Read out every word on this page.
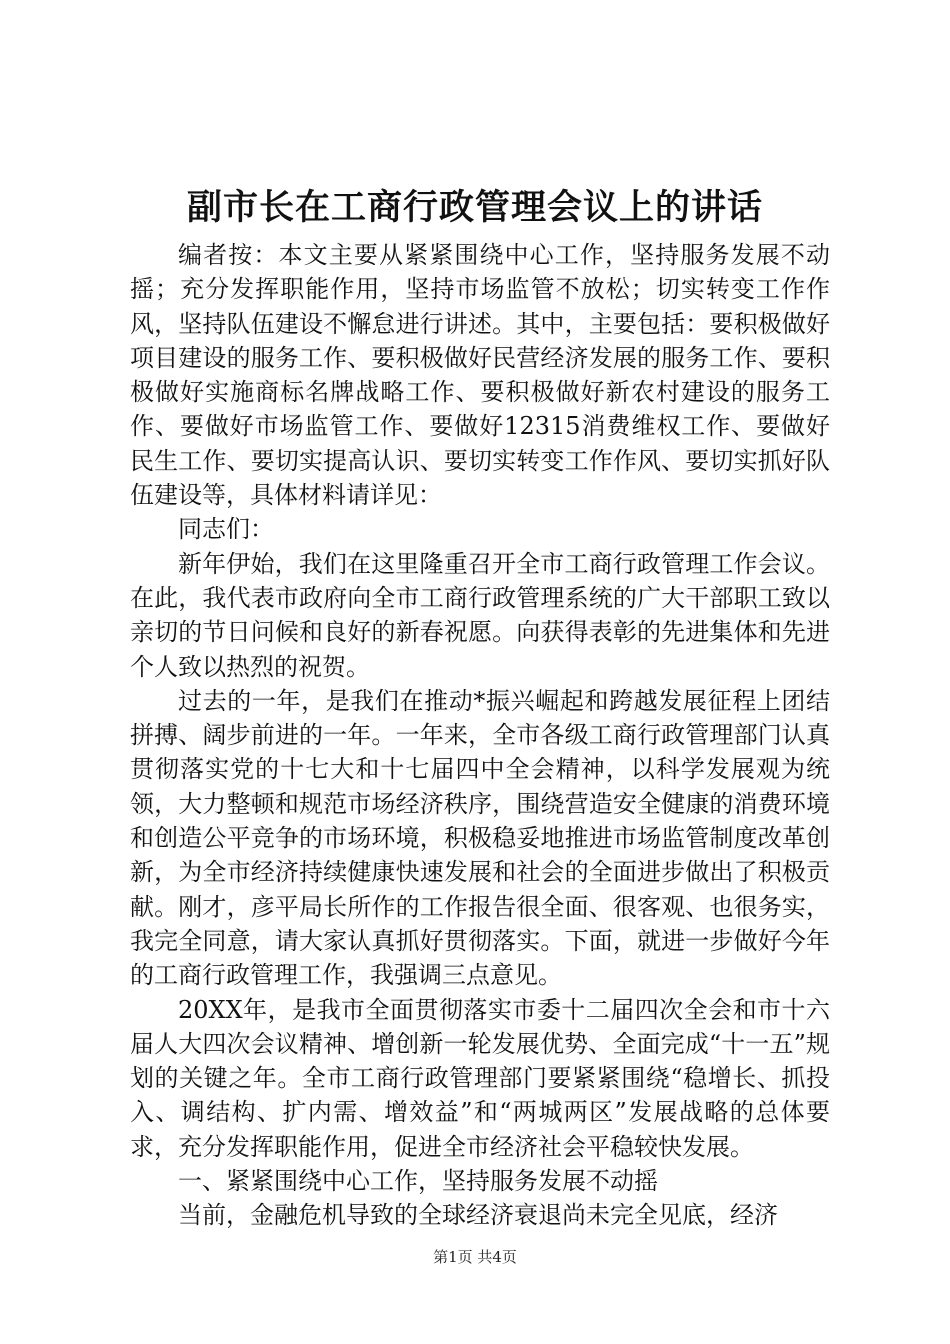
副市长在工商行政管理会议上的讲话

编者按：本文主要从紧紧围绕中心工作，坚持服务发展不动摇；充分发挥职能作用，坚持市场监管不放松；切实转变工作作风，坚持队伍建设不懈怠进行讲述。其中，主要包括：要积极做好项目建设的服务工作、要积极做好民营经济发展的服务工作、要积极做好实施商标名牌战略工作、要积极做好新农村建设的服务工作、要做好市场监管工作、要做好12315消费维权工作、要做好民生工作、要切实提高认识、要切实转变工作作风、要切实抓好队伍建设等，具体材料请详见：

同志们：

新年伊始，我们在这里隆重召开全市工商行政管理工作会议。在此，我代表市政府向全市工商行政管理系统的广大干部职工致以亲切的节日问候和良好的新春祝愿。向获得表彰的先进集体和先进个人致以热烈的祝贺。

过去的一年，是我们在推动*振兴崛起和跨越发展征程上团结拼搏、阔步前进的一年。一年来，全市各级工商行政管理部门认真贯彻落实党的十七大和十七届四中全会精神，以科学发展观为统领，大力整顿和规范市场经济秩序，围绕营造安全健康的消费环境和创造公平竞争的市场环境，积极稳妥地推进市场监管制度改革创新，为全市经济持续健康快速发展和社会的全面进步做出了积极贡献。刚才，彦平局长所作的工作报告很全面、很客观、也很务实，我完全同意，请大家认真抓好贯彻落实。下面，就进一步做好今年的工商行政管理工作，我强调三点意见。

20XX年，是我市全面贯彻落实市委十二届四次全会和市十六届人大四次会议精神、增创新一轮发展优势、全面完成“十一五”规划的关键之年。全市工商行政管理部门要紧紧围绕“稳增长、抓投入、调结构、扩内需、增效益”和“两城两区”发展战略的总体要求，充分发挥职能作用，促进全市经济社会平稳较快发展。

一、紧紧围绕中心工作，坚持服务发展不动摇

当前，金融危机导致的全球经济衰退尚未完全见底，经济

第1页 共4页
